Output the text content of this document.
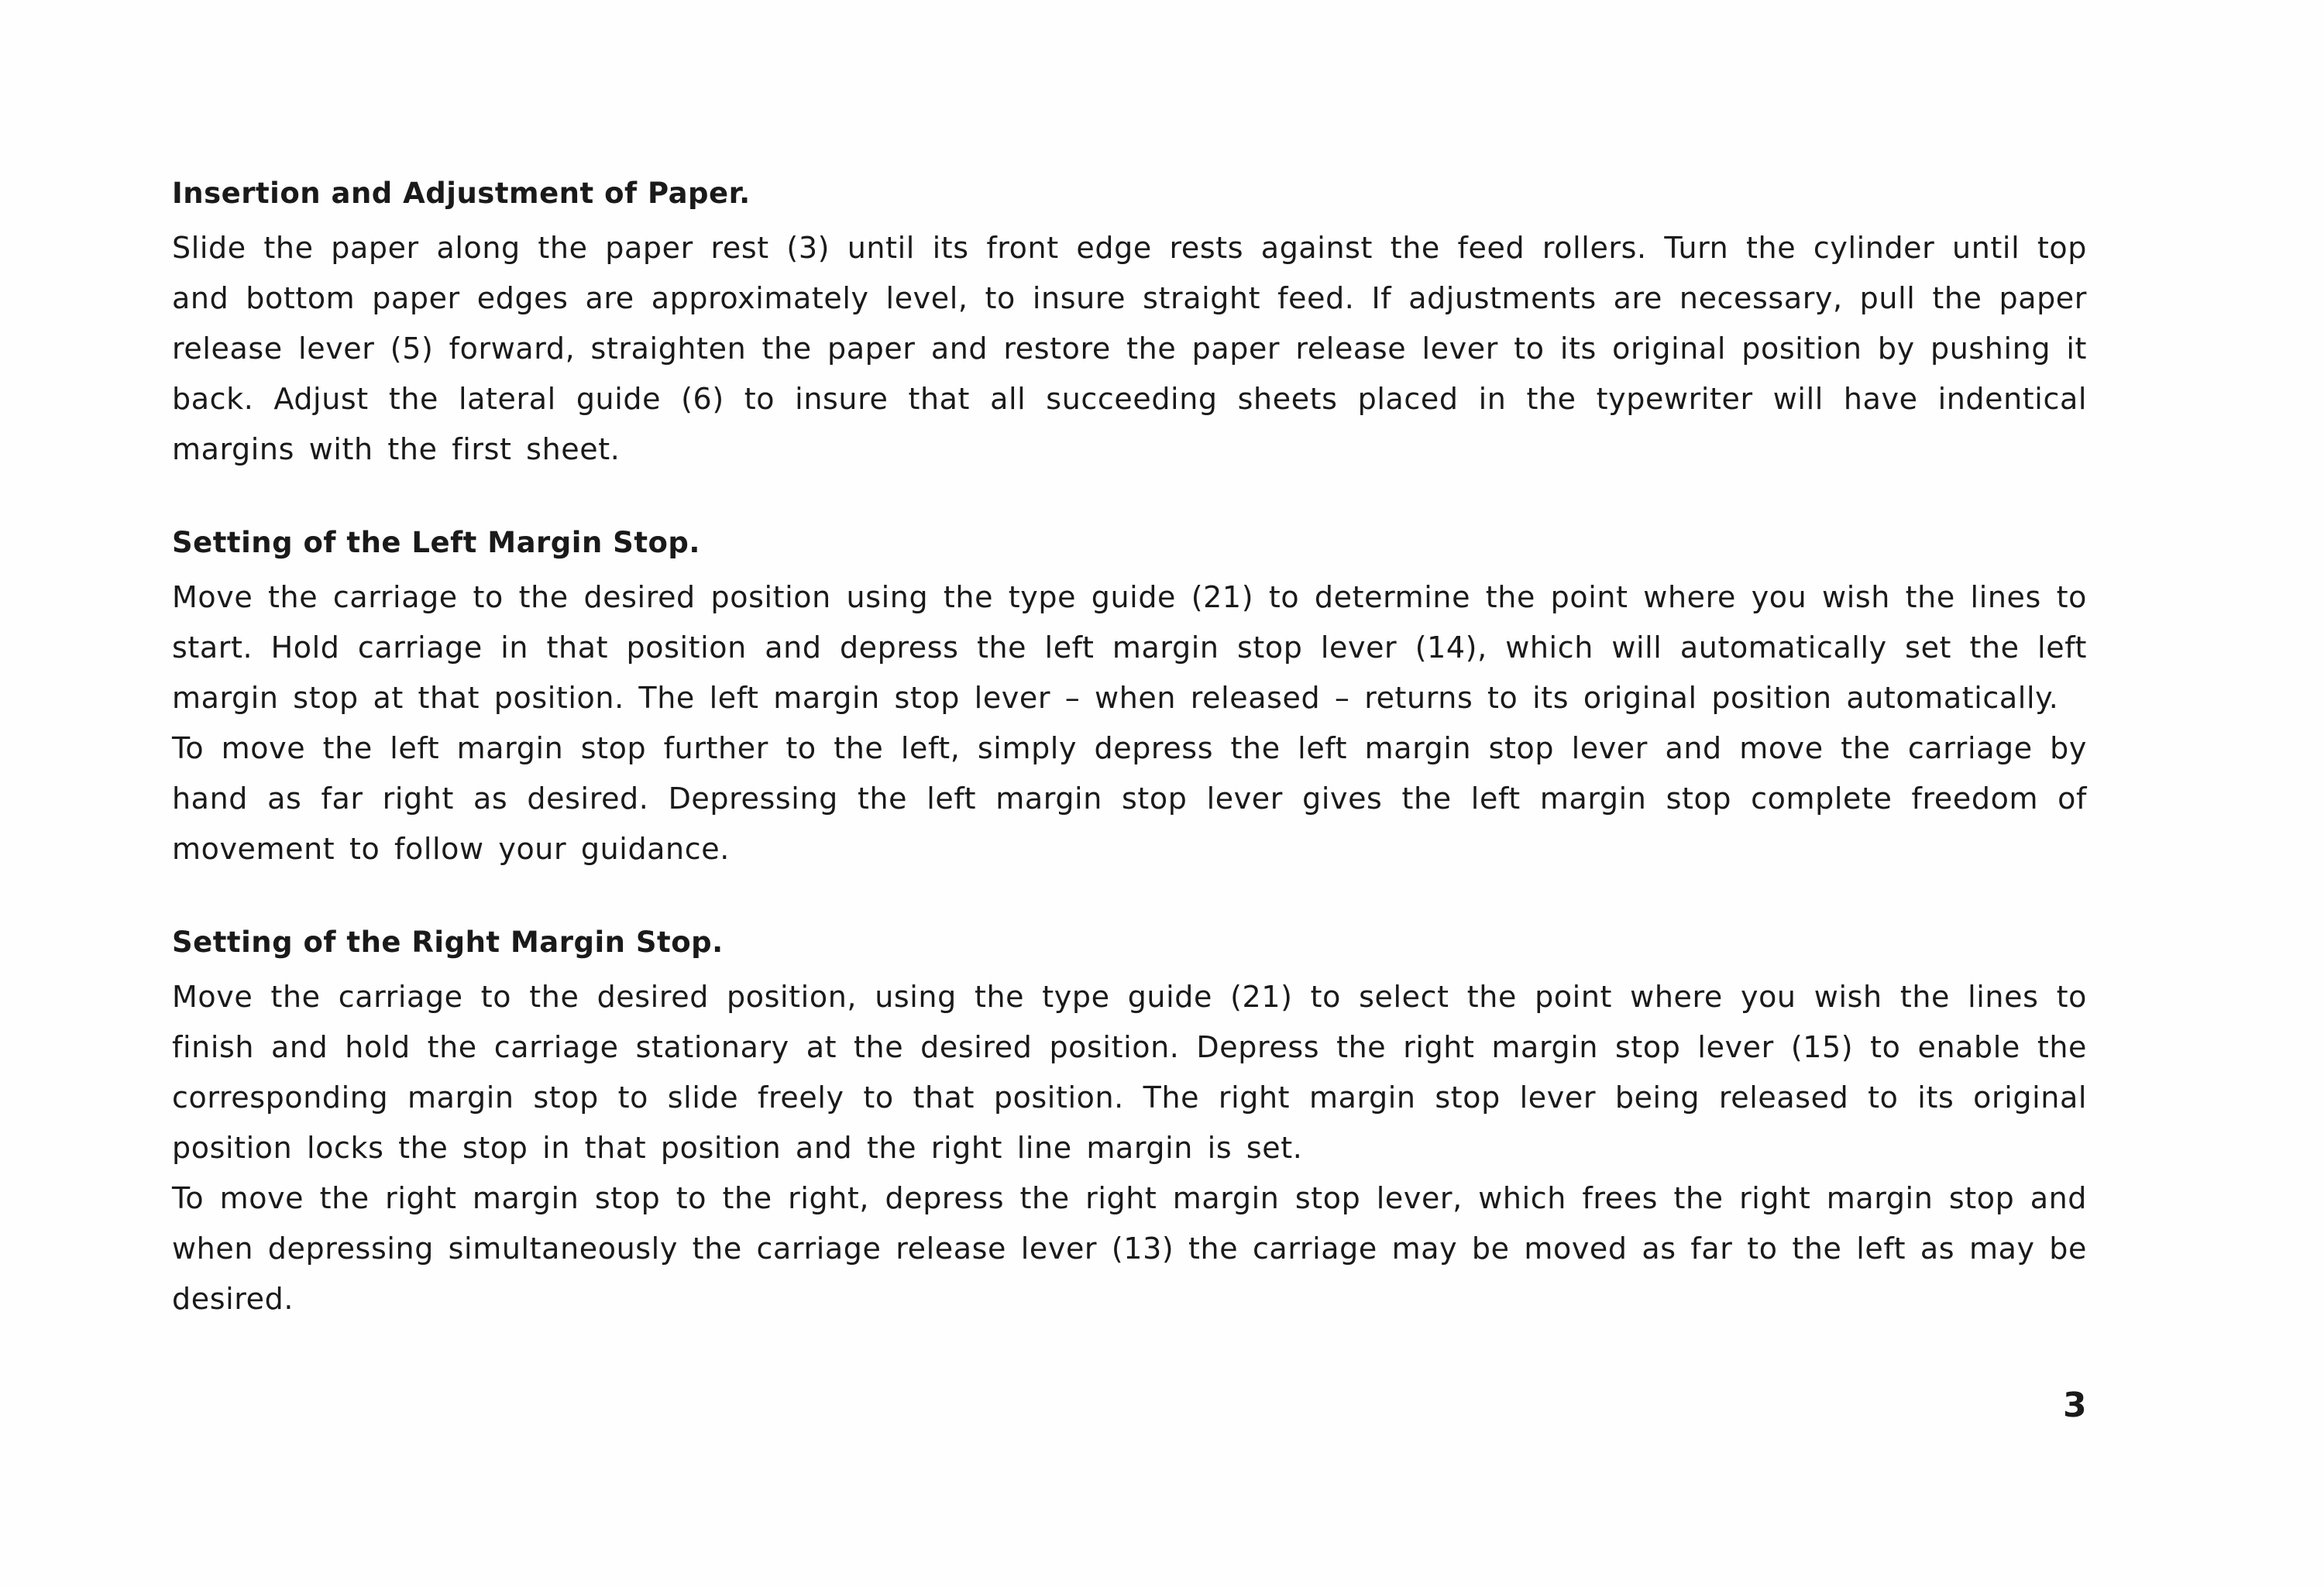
Insertion and Adjustment of Paper.

Slide the paper along the paper rest (3) until its front edge rests against the feed rollers. Turn the cylinder until top and bottom paper edges are approximately level, to insure straight feed. If adjustments are necessary, pull the paper release lever (5) forward, straighten the paper and restore the paper release lever to its original position by pushing it back. Adjust the lateral guide (6) to insure that all succeeding sheets placed in the typewriter will have indentical margins with the first sheet.

Setting of the Left Margin Stop.

Move the carriage to the desired position using the type guide (21) to determine the point where you wish the lines to start. Hold carriage in that position and depress the left margin stop lever (14), which will automatically set the left margin stop at that position. The left margin stop lever – when released – returns to its original position automatically.

To move the left margin stop further to the left, simply depress the left margin stop lever and move the carriage by hand as far right as desired. Depressing the left margin stop lever gives the left margin stop complete freedom of movement to follow your guidance.

Setting of the Right Margin Stop.

Move the carriage to the desired position, using the type guide (21) to select the point where you wish the lines to finish and hold the carriage stationary at the desired position. Depress the right margin stop lever (15) to enable the corresponding margin stop to slide freely to that position. The right margin stop lever being released to its original position locks the stop in that position and the right line margin is set.

To move the right margin stop to the right, depress the right margin stop lever, which frees the right margin stop and when depressing simultaneously the carriage release lever (13) the carriage may be moved as far to the left as may be desired.

3
